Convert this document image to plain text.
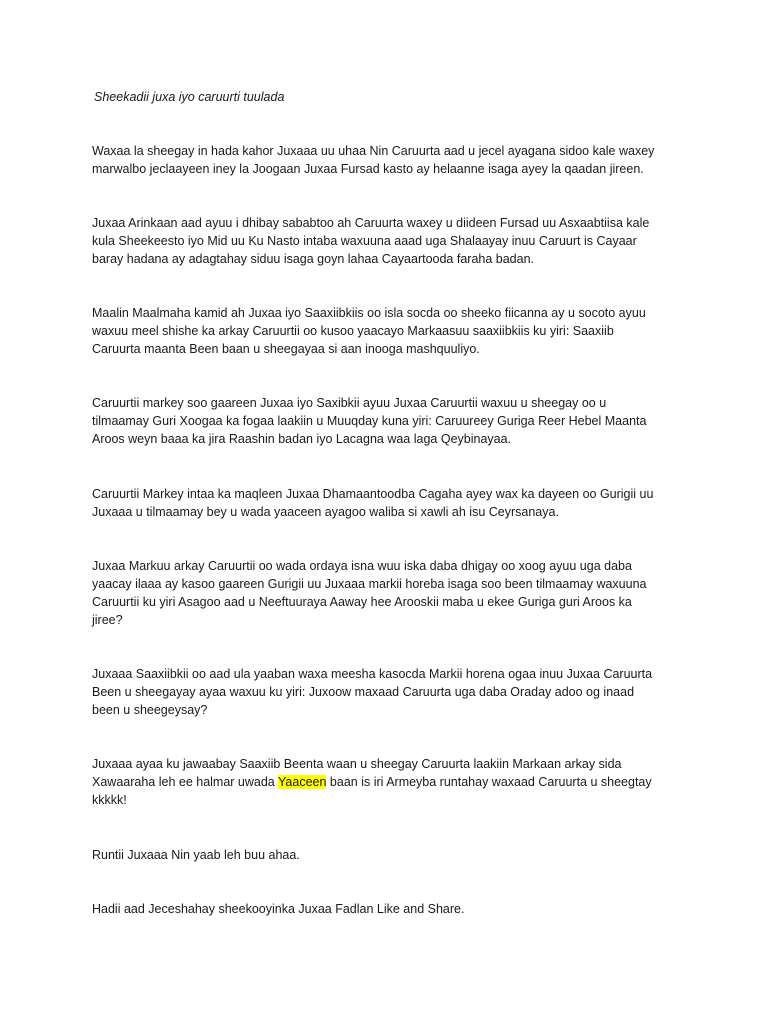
Sheekadii juxa iyo caruurti tuulada

Waxaa la sheegay in hada kahor Juxaaa uu uhaa Nin Caruurta aad u jecel ayagana sidoo kale waxey
marwalbo jeclaayeen iney la Joogaan Juxaa Fursad kasto ay helaanne isaga ayey la qaadan jireen.

Juxaa Arinkaan aad ayuu i dhibay sababtoo ah Caruurta waxey u diideen Fursad uu Asxaabtiisa kale
kula Sheekeesto iyo Mid uu Ku Nasto intaba waxuuna aaad uga Shalaayay inuu Caruurt is Cayaar
baray hadana ay adagtahay siduu isaga goyn lahaa Cayaartooda faraha badan.

Maalin Maalmaha kamid ah Juxaa iyo Saaxiibkiis oo isla socda oo sheeko fiicanna ay u socoto ayuu
waxuu meel shishe ka arkay Caruurtii oo kusoo yaacayo Markaasuu saaxiibkiis ku yiri: Saaxiib
Caruurta maanta Been baan u sheegayaa si aan inooga mashquuliyo.

Caruurtii markey soo gaareen Juxaa iyo Saxibkii ayuu Juxaa Caruurtii waxuu u sheegay oo u
tilmaamay Guri Xoogaa ka fogaa laakiin u Muuqday kuna yiri: Caruureey Guriga Reer Hebel Maanta
Aroos weyn baaa ka jira Raashin badan iyo Lacagna waa laga Qeybinayaa.

Caruurtii Markey intaa ka maqleen Juxaa Dhamaantoodba Cagaha ayey wax ka dayeen oo Gurigii uu
Juxaaa u tilmaamay bey u wada yaaceen ayagoo waliba si xawli ah isu Ceyrsanaya.

Juxaa Markuu arkay Caruurtii oo wada ordaya isna wuu iska daba dhigay oo xoog ayuu uga daba
yaacay ilaaa ay kasoo gaareen Gurigii uu Juxaaa markii horeba isaga soo been tilmaamay waxuuna
Caruurtii ku yiri Asagoo aad u Neeftuuraya Aaway hee Arooskii maba u ekee Guriga guri Aroos ka
jiree?

Juxaaa Saaxiibkii oo aad ula yaaban waxa meesha kasocda Markii horena ogaa inuu Juxaa Caruurta
Been u sheegayay ayaa waxuu ku yiri: Juxoow maxaad Caruurta uga daba Oraday adoo og inaad
been u sheegeysay?

Juxaaa ayaa ku jawaabay Saaxiib Beenta waan u sheegay Caruurta laakiin Markaan arkay sida
Xawaaraha leh ee halmar uwada Yaaceen baan is iri Armeyba runtahay waxaad Caruurta u sheegtay
kkkkk!

Runtii Juxaaa Nin yaab leh buu ahaa.

Hadii aad Jeceshahay sheekooyinka Juxaa Fadlan Like and Share.
